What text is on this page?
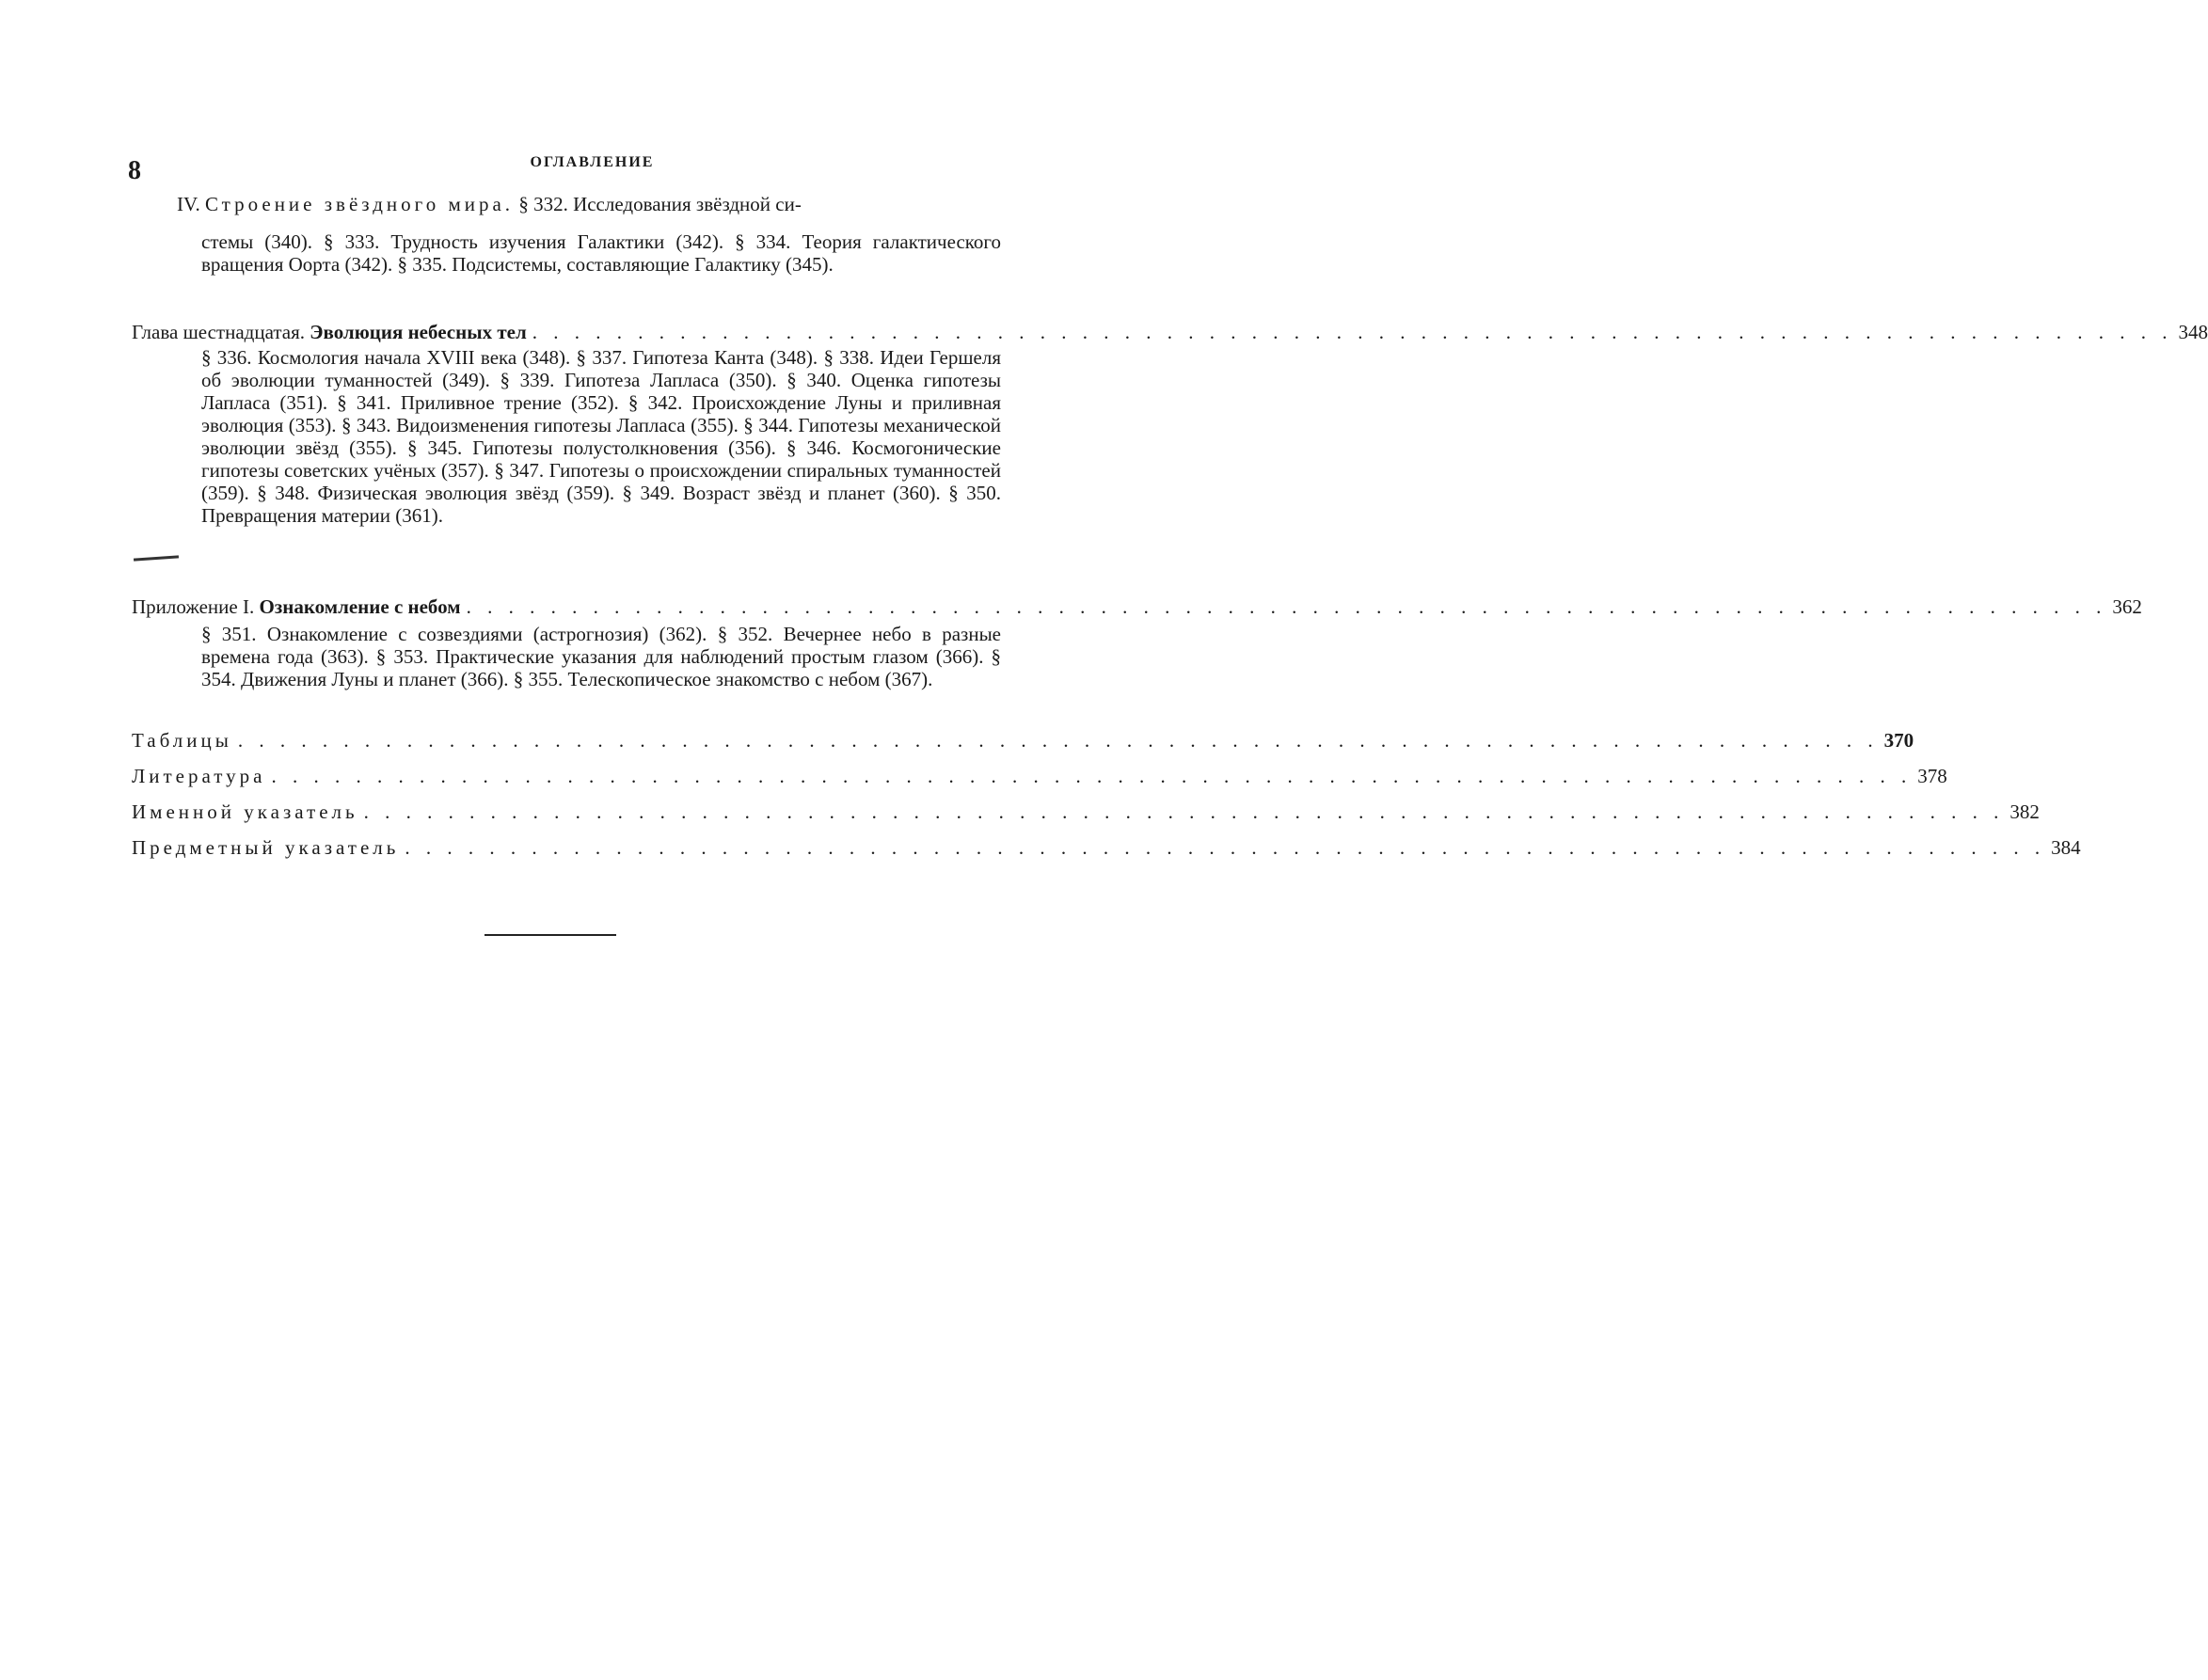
8	ОГЛАВЛЕНИЕ
IV. Строение звёздного мира. § 332. Исследования звёздной си-
стемы (340). § 333. Трудность изучения Галактики (342). § 334. Теория галактического вращения Оорта (342). § 335. Подсистемы, составляющие Галактику (345).
Глава шестнадцатая. Эволюция небесных тел . . . . . . . . . . . . . . . . . . . . . . . . . . . . . . . . . . . . . . . . . . . . . . . . . . . . . . . . . . . . . . . . . . . . . . . . . . . . . . 348
§ 336. Космология начала XVIII века (348). § 337. Гипотеза Канта (348). § 338. Идеи Гершеля об эволюции туманностей (349). § 339. Гипотеза Лапласа (350). § 340. Оценка гипотезы Лапласа (351). § 341. Приливное трение (352). § 342. Происхождение Луны и приливная эволюция (353). § 343. Видоизменения гипотезы Лапласа (355). § 344. Гипотезы механической эволюции звёзд (355). § 345. Гипотезы полустолкновения (356). § 346. Космогонические гипотезы советских учёных (357). § 347. Гипотезы о происхождении спиральных туманностей (359). § 348. Физическая эволюция звёзд (359). § 349. Возраст звёзд и планет (360). § 350. Превращения материи (361).
Приложение I. Ознакомление с небом . . . . . . . . . . . . . . . . . . . . . . . . . . . . . . . . . . . . . . . . . . . . . . . . . . . . . . . . . . . . . . . . . . . . . . . . . . . . . . 362
§ 351. Ознакомление с созвездиями (астрогнозия) (362). § 352. Вечернее небо в разные времена года (363). § 353. Практические указания для наблюдений простым глазом (366). § 354. Движения Луны и планет (366). § 355. Телескопическое знакомство с небом (367).
Таблицы . . . . . . . . . . . . . . . . . . . . . . . . . . . . . . . . . . . . . . . . . . . . . . . . . . . . . . . . . . . . . . . . . . . . . . . . . . . . . . 370
Литература . . . . . . . . . . . . . . . . . . . . . . . . . . . . . . . . . . . . . . . . . . . . . . . . . . . . . . . . . . . . . . . . . . . . . . . . . . . . . . 378
Именной указатель . . . . . . . . . . . . . . . . . . . . . . . . . . . . . . . . . . . . . . . . . . . . . . . . . . . . . . . . . . . . . . . . . . . . . . . . . . . . . . 382
Предметный указатель . . . . . . . . . . . . . . . . . . . . . . . . . . . . . . . . . . . . . . . . . . . . . . . . . . . . . . . . . . . . . . . . . . . . . . . . . . . . . . 384
